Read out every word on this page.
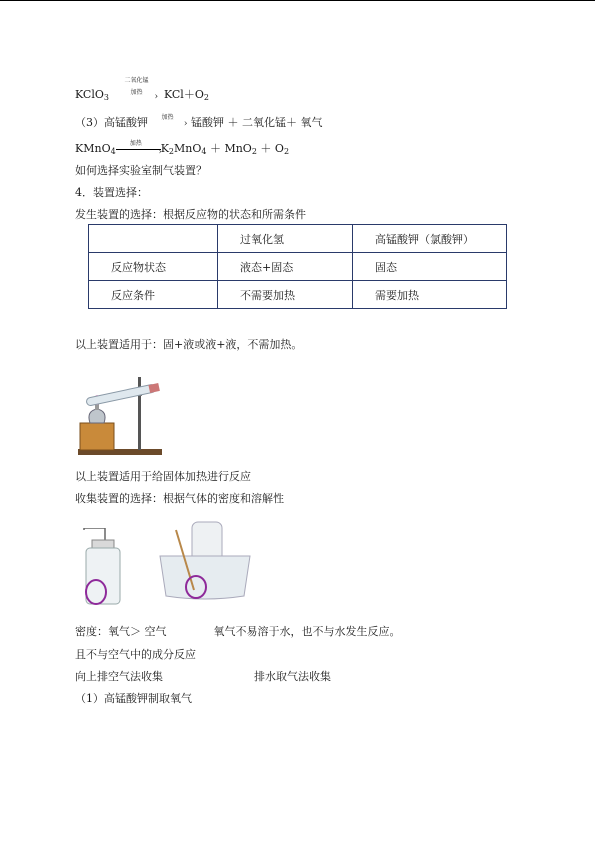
KClO$_3$
二氧化锰
加热 › $KCl+O_2$
（3）高锰酸钾 加热
› 锰酸钾 ＋ 二氧化锰＋ 氧气
KMnO$_4$
加热
› $K_2MnO_4 + MnO_2 + O_2$
如何选择实验室制气装置？
4．装置选择：
发生装置的选择：根据反应物的状态和所需条件
	过氧化氢	高锰酸钾（氯酸钾）
反应物状态	液态+固态	固态
反应条件	不需要加热	需要加热
以上装置适用于：固+液或液+液，不需加热。
以上装置适用于给固体加热进行反应
收集装置的选择：根据气体的密度和溶解性
密度：氧气＞ 空气	氧气不易溶于水，也不与水发生反应。
且不与空气中的成分反应
向上排空气法收集	排水取气法收集
（1）高锰酸钾制取氧气
